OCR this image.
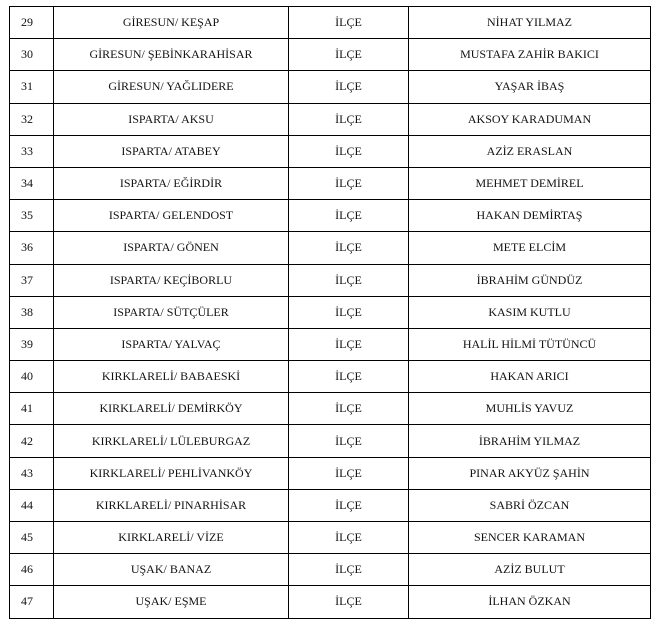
29	GİRESUN/ KEŞAP	İLÇE	NİHAT YILMAZ
30	GİRESUN/ ŞEBİNKARAHİSAR	İLÇE	MUSTAFA ZAHİR BAKICI
31	GİRESUN/ YAĞLIDERE	İLÇE	YAŞAR İBAŞ
32	ISPARTA/ AKSU	İLÇE	AKSOY KARADUMAN
33	ISPARTA/ ATABEY	İLÇE	AZİZ ERASLAN
34	ISPARTA/ EĞİRDİR	İLÇE	MEHMET DEMİREL
35	ISPARTA/ GELENDOST	İLÇE	HAKAN DEMİRTAŞ
36	ISPARTA/ GÖNEN	İLÇE	METE ELCİM
37	ISPARTA/ KEÇİBORLU	İLÇE	İBRAHİM GÜNDÜZ
38	ISPARTA/ SÜTÇÜLER	İLÇE	KASIM KUTLU
39	ISPARTA/ YALVAÇ	İLÇE	HALİL HİLMİ TÜTÜNCÜ
40	KIRKLARELİ/ BABAESKİ	İLÇE	HAKAN ARICI
41	KIRKLARELİ/ DEMİRKÖY	İLÇE	MUHLİS YAVUZ
42	KIRKLARELİ/ LÜLEBURGAZ	İLÇE	İBRAHİM YILMAZ
43	KIRKLARELİ/ PEHLİVANKÖY	İLÇE	PINAR AKYÜZ ŞAHİN
44	KIRKLARELİ/ PINARHİSAR	İLÇE	SABRİ ÖZCAN
45	KIRKLARELİ/ VİZE	İLÇE	SENCER KARAMAN
46	UŞAK/ BANAZ	İLÇE	AZİZ BULUT
47	UŞAK/ EŞME	İLÇE	İLHAN ÖZKAN
